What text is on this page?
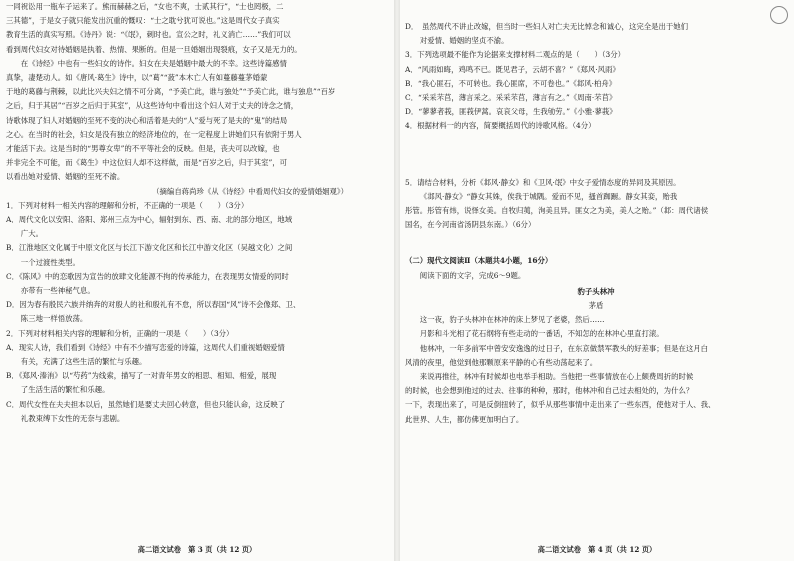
一同祝讼用一瓶车子运来了。熊而赫赫之后，“女也不爽，士贰其行”，“士也罔极，二

三其德”，于是女子就只能发出沉重的慨叹：“士之耽兮犹可说也。”这是周代女子真实

教育生活的真实写照。《诗丹》说：“《氓》，刺时也。宣公之时，礼义消亡……”我们可以

看到周代妇女对待婚姻是执着、热情、果断的。但是一旦婚姻出现裂痕，女子又是无力的。

在《诗经》中也有一些妇女的诗作。妇女在夫是婚姻中最大的不幸。这些诗篇感情

真挚，凄楚动人。如《唐风·葛生》诗中，以“葛”“蔹”本木亡人有如蔓藤蔓茅婚蒙

于地的葛藤与荆棘，以此比兴夫妇之情不可分离，“予美亡此，谁与独处”“予美亡此，谁与独息”“百岁

之后，归于其居”“百岁之后归于其室”，从这些诗句中看出这个妇人对于丈夫的诗念之情，

诗歌体现了妇人对婚姻的至死不变的决心和活着是夫的“人”爱与死了是夫的“鬼”的结局

之心。在当时的社会，妇女是没有独立的经济地位的，在一定程度上讲她们只有依附于男人

才能活下去。这是当时的“男尊女卑”的不平等社会的反映。但是，丧夫可以改嫁，也

并非完全不可能，而《葛生》中这位妇人却不这样做，而是“百岁之后，归于其室”，可

以看出她对爱情、婚姻的至死不渝。

（摘编自蒋尚珍《从《诗经》中看周代妇女的爱情婚姻观》）

1．下列对材料一相关内容的理解和分析，不正确的一项是（　　）（3分）

A．周代文化以安阳、洛阳、郑州三点为中心，辐射到东、西、南、北的部分地区，地域

广大。

B．江淮地区文化属于中原文化区与长江下游文化区和长江中游文化区（吴越文化）之间

一个过渡性类型。

C．《陈风》中的恋歌因为宣告的放肆文化能源不拘的传承能力，在表现男女情爱的同时

亦带有一些神秘气息。

D．因为春有殷民六族并纳奔的对殷人的社和殷礼有不怠，所以春国“风”诗不会像郑、卫、

陈三地一样悟放荡。

2．下列对材料相关内容的理解和分析，正确的一项是（　　）（3分）

A．现实人诗，我们看到《诗经》中有不少描写恋爱的诗篇，这周代人们重视婚姻爱情

有关，充满了这些生活的繁忙与乐趣。

B．《郑风·溱洧》以“芍药”为线索，描写了一对青年男女的相思、相知、相爱，展现

了生活生活的繁忙和乐趣。

C．周代女性在夫夫担本以后，虽然她们是要丈夫回心转意，但也只能认命，这反映了

礼教束缚下女性的无奈与悲剧。

高二语文试卷　第 3 页（共 12 页）

D．　虽然周代不讲止改嫁，但当时一些妇人对亡夫无比悼念和诚心，这完全是出于她们

对爱情、婚姻的坚贞不渝。

3．下列选项最不能作为论据来支撑材料二观点的是（　　）（3分）

A．“风雨如晦，鸡鸣不已。既见君子，云胡不喜？”《郑风·风雨》

B．“我心匪石，不可转也。我心匪席，不可卷也。”《邶风·柏舟》

C．“采采芣苢，薄言采之。采采芣苢，薄言有之。”《周南·芣苢》

D．“蓼蓼者莪，匪莪伊蒿。哀哀父母，生我劬劳。”《小雅·蓼莪》

4．根据材料一的内容，简要概括周代的诗歌风格。（4分）

5．请结合材料，分析《邶风·静女》和《卫风·氓》中女子爱情态度的异同及其原因。

《邶风·静女》“静女其姝，俟我于城隅。爱而不见，搔首踟蹰。静女其娈，贻我

彤管。彤管有炜，说怿女美。自牧归荑，洵美且异。匪女之为美，美人之贻。”（邶：周代诸侯

国名，在今河南省汤阴县东南。）（6分）

（二）现代文阅读Ⅱ（本题共4小题，16分）

阅读下面的文字，完成6～9题。

豹子头林冲

茅盾

这一夜，豹子头林冲在林冲的床上梦见了老婆，然后……

月影和斗光相了花石纲将有些走动的一番话，不知怎的在林冲心里直打滚。

他林冲，一年多前军中曾安安逸逸的过日子，在东京做禁军教头的好差事；但是在这月白

风清的夜里，他觉到他那颗原来平静的心有些动荡起来了。

来说再推往，林冲有时候却也电举手相助。当他把一些事情放在心上颇费周折的时候

的时候，也会想到他过的过去、往事的种种，那时，他林冲和自己过去相处的，为什么？

一下，表现出来了，可是反倒扭转了，似乎从那些事情中走出来了一些东西，使他对于人、我、

此世界、人生，都仿佛更加明白了。

高二语文试卷　第 4 页（共 12 页）
